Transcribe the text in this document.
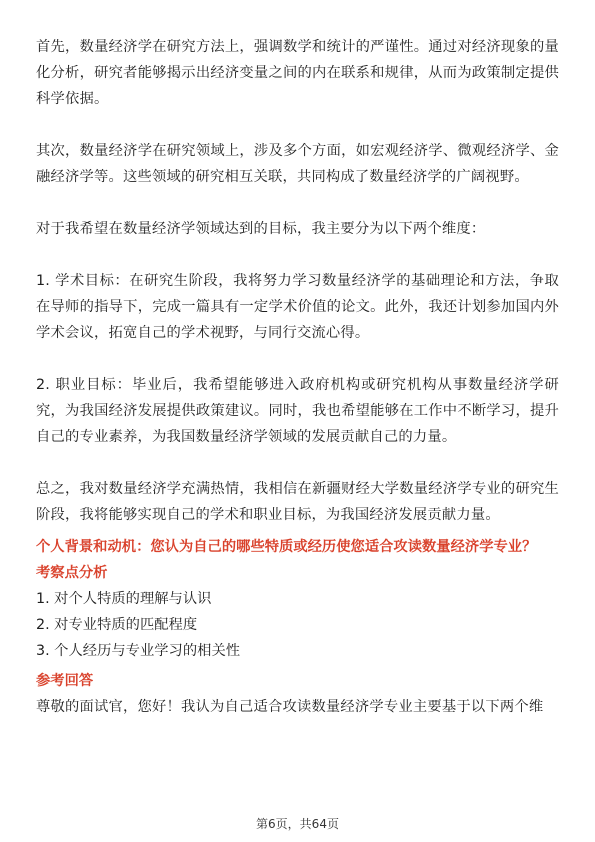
首先，数量经济学在研究方法上，强调数学和统计的严谨性。通过对经济现象的量化分析，研究者能够揭示出经济变量之间的内在联系和规律，从而为政策制定提供科学依据。

其次，数量经济学在研究领域上，涉及多个方面，如宏观经济学、微观经济学、金融经济学等。这些领域的研究相互关联，共同构成了数量经济学的广阔视野。

对于我希望在数量经济学领域达到的目标，我主要分为以下两个维度：

1. 学术目标：在研究生阶段，我将努力学习数量经济学的基础理论和方法，争取在导师的指导下，完成一篇具有一定学术价值的论文。此外，我还计划参加国内外学术会议，拓宽自己的学术视野，与同行交流心得。

2. 职业目标：毕业后，我希望能够进入政府机构或研究机构从事数量经济学研究，为我国经济发展提供政策建议。同时，我也希望能够在工作中不断学习，提升自己的专业素养，为我国数量经济学领域的发展贡献自己的力量。

总之，我对数量经济学充满热情，我相信在新疆财经大学数量经济学专业的研究生阶段，我将能够实现自己的学术和职业目标，为我国经济发展贡献力量。

个人背景和动机：您认为自己的哪些特质或经历使您适合攻读数量经济学专业？

考察点分析

1. 对个人特质的理解与认识

2. 对专业特质的匹配程度

3. 个人经历与专业学习的相关性

参考回答

尊敬的面试官，您好！我认为自己适合攻读数量经济学专业主要基于以下两个维

第6页，共64页
